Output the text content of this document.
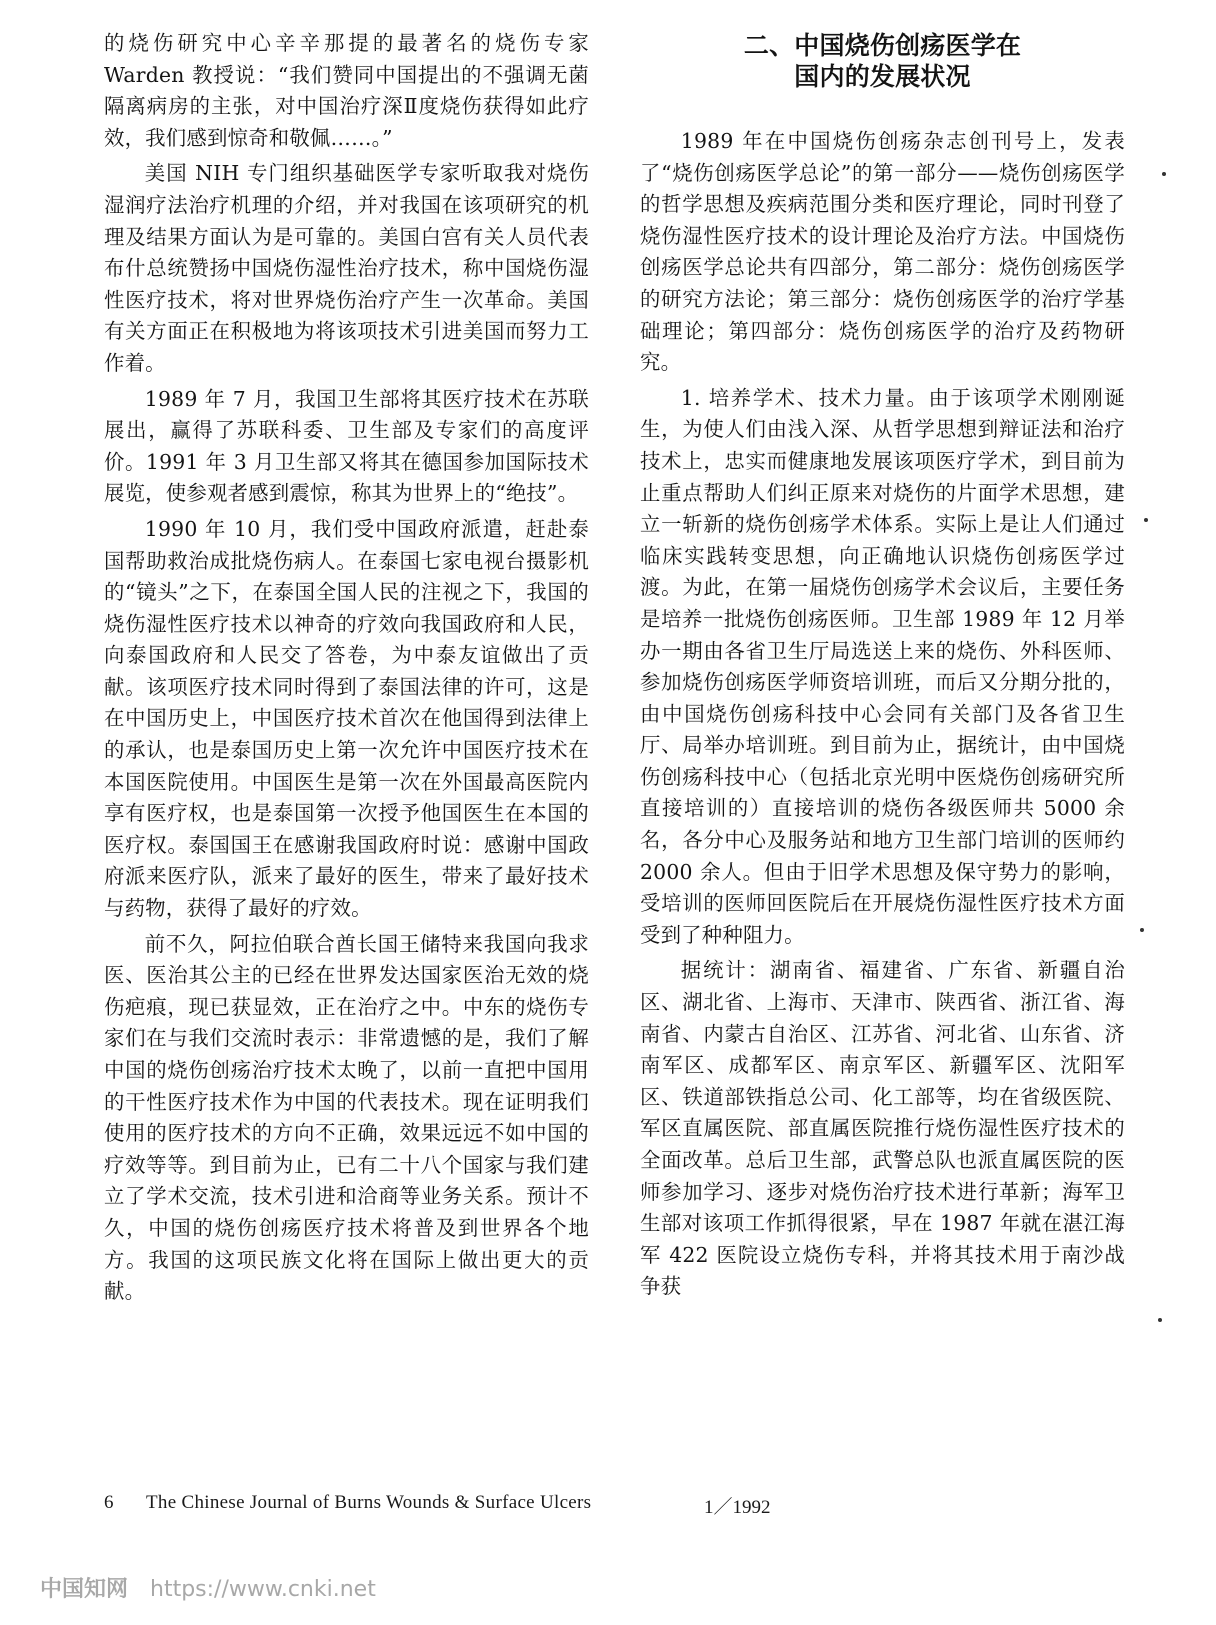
的烧伤研究中心辛辛那提的最著名的烧伤专家 Warden 教授说：“我们赞同中国提出的不强调无菌隔离病房的主张，对中国治疗深Ⅱ度烧伤获得如此疗效，我们感到惊奇和敬佩……。”

美国 NIH 专门组织基础医学专家听取我对烧伤湿润疗法治疗机理的介绍，并对我国在该项研究的机理及结果方面认为是可靠的。美国白宫有关人员代表布什总统赞扬中国烧伤湿性治疗技术，称中国烧伤湿性医疗技术，将对世界烧伤治疗产生一次革命。美国有关方面正在积极地为将该项技术引进美国而努力工作着。

1989 年 7 月，我国卫生部将其医疗技术在苏联展出，赢得了苏联科委、卫生部及专家们的高度评价。1991 年 3 月卫生部又将其在德国参加国际技术展览，使参观者感到震惊，称其为世界上的“绝技”。

1990 年 10 月，我们受中国政府派遣，赶赴泰国帮助救治成批烧伤病人。在泰国七家电视台摄影机的“镜头”之下，在泰国全国人民的注视之下，我国的烧伤湿性医疗技术以神奇的疗效向我国政府和人民，向泰国政府和人民交了答卷，为中泰友谊做出了贡献。该项医疗技术同时得到了泰国法律的许可，这是在中国历史上，中国医疗技术首次在他国得到法律上的承认，也是泰国历史上第一次允许中国医疗技术在本国医院使用。中国医生是第一次在外国最高医院内享有医疗权，也是泰国第一次授予他国医生在本国的医疗权。泰国国王在感谢我国政府时说：感谢中国政府派来医疗队，派来了最好的医生，带来了最好技术与药物，获得了最好的疗效。

前不久，阿拉伯联合酋长国王储特来我国向我求医、医治其公主的已经在世界发达国家医治无效的烧伤疤痕，现已获显效，正在治疗之中。中东的烧伤专家们在与我们交流时表示：非常遗憾的是，我们了解中国的烧伤创疡治疗技术太晚了，以前一直把中国用的干性医疗技术作为中国的代表技术。现在证明我们使用的医疗技术的方向不正确，效果远远不如中国的疗效等等。到目前为止，已有二十八个国家与我们建立了学术交流，技术引进和洽商等业务关系。预计不久，中国的烧伤创疡医疗技术将普及到世界各个地方。我国的这项民族文化将在国际上做出更大的贡献。

二、中国烧伤创疡医学在
国内的发展状况

1989 年在中国烧伤创疡杂志创刊号上，发表了“烧伤创疡医学总论”的第一部分——烧伤创疡医学的哲学思想及疾病范围分类和医疗理论，同时刊登了烧伤湿性医疗技术的设计理论及治疗方法。中国烧伤创疡医学总论共有四部分，第二部分：烧伤创疡医学的研究方法论；第三部分：烧伤创疡医学的治疗学基础理论；第四部分：烧伤创疡医学的治疗及药物研究。

1. 培养学术、技术力量。由于该项学术刚刚诞生，为使人们由浅入深、从哲学思想到辩证法和治疗技术上，忠实而健康地发展该项医疗学术，到目前为止重点帮助人们纠正原来对烧伤的片面学术思想，建立一斩新的烧伤创疡学术体系。实际上是让人们通过临床实践转变思想，向正确地认识烧伤创疡医学过渡。为此，在第一届烧伤创疡学术会议后，主要任务是培养一批烧伤创疡医师。卫生部 1989 年 12 月举办一期由各省卫生厅局选送上来的烧伤、外科医师、参加烧伤创疡医学师资培训班，而后又分期分批的，由中国烧伤创疡科技中心会同有关部门及各省卫生厅、局举办培训班。到目前为止，据统计，由中国烧伤创疡科技中心（包括北京光明中医烧伤创疡研究所直接培训的）直接培训的烧伤各级医师共 5000 余名，各分中心及服务站和地方卫生部门培训的医师约 2000 余人。但由于旧学术思想及保守势力的影响，受培训的医师回医院后在开展烧伤湿性医疗技术方面受到了种种阻力。

据统计：湖南省、福建省、广东省、新疆自治区、湖北省、上海市、天津市、陕西省、浙江省、海南省、内蒙古自治区、江苏省、河北省、山东省、济南军区、成都军区、南京军区、新疆军区、沈阳军区、铁道部铁指总公司、化工部等，均在省级医院、军区直属医院、部直属医院推行烧伤湿性医疗技术的全面改革。总后卫生部，武警总队也派直属医院的医师参加学习、逐步对烧伤治疗技术进行革新；海军卫生部对该项工作抓得很紧，早在 1987 年就在湛江海军 422 医院设立烧伤专科，并将其技术用于南沙战争获

6 The Chinese Journal of Burns Wounds & Surface Ulcers	1／1992
中国知网 https://www.cnki.net
